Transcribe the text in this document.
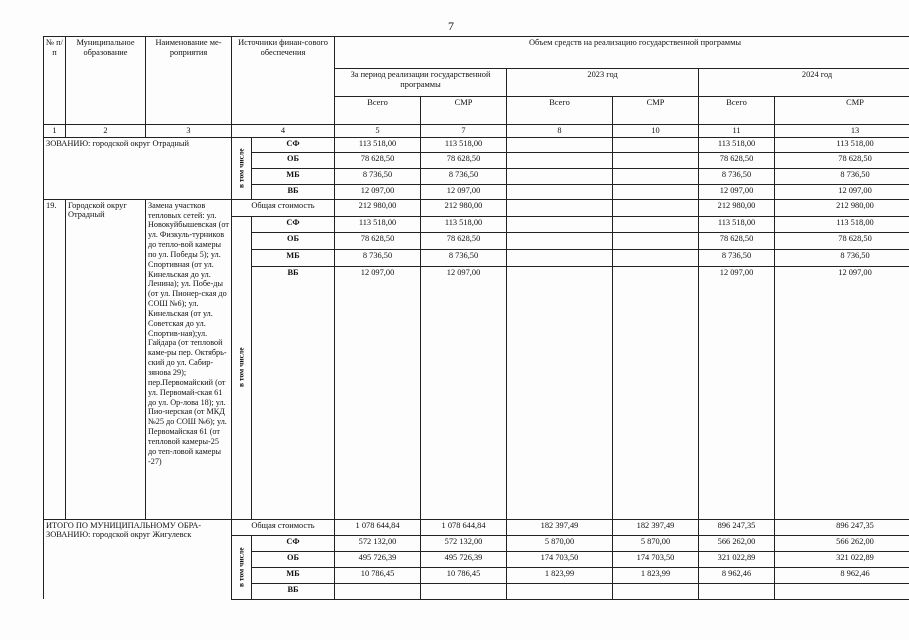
7
№ п/п	Муниципальное образование	Наименование ме-роприятия	Источники финан-сового обеспечения		Объем средств на реализацию государственной программы					
					За период реализации государственной программы		2023 год		2024 год	
					Всего	СМР	Всего	СМР	Всего	СМР
1	2	3	4		5	7	8	10	11	13
ЗОВАНИЮ: городской округ Отрадный			в том числе	СФ	113 518,00	113 518,00			113 518,00	113 518,00
				ОБ	78 628,50	78 628,50			78 628,50	78 628,50
				МБ	8 736,50	8 736,50			8 736,50	8 736,50
				ВБ	12 097,00	12 097,00			12 097,00	12 097,00
19.	Городской округ Отрадный	Замена участков тепловых сетей: ул. Новокуйбышевская (от ул. Физкуль-турников до тепло-вой камеры по ул. Победы 5); ул. Спортивная (от ул. Кинельская до ул. Ленина); ул. Побе-ды (от ул. Пионер-ская до СОШ №6); ул. Кинельская (от ул. Советская до ул. Спортив-ная);ул. Гайдара (от тепловой каме-ры пер. Октябрь-ский до ул. Сабир-зянова 29); пер.Первомайский (от ул. Первомай-ская 61 до ул. Ор-лова 18); ул. Пио-нерская (от МКД №25 до СОШ №6); ул. Первомайская 61 (от тепловой камеры-25 до теп-ловой камеры -27)	Общая стоимость		212 980,00	212 980,00			212 980,00	212 980,00
			в том числе	СФ	113 518,00	113 518,00			113 518,00	113 518,00
				ОБ	78 628,50	78 628,50			78 628,50	78 628,50
				МБ	8 736,50	8 736,50			8 736,50	8 736,50
				ВБ	12 097,00	12 097,00			12 097,00	12 097,00
ИТОГО ПО МУНИЦИПАЛЬНОМУ ОБРА-ЗОВАНИЮ: городской округ Жигулевск			Общая стоимость		1 078 644,84	1 078 644,84	182 397,49	182 397,49	896 247,35	896 247,35
			в том числе	СФ	572 132,00	572 132,00	5 870,00	5 870,00	566 262,00	566 262,00
				ОБ	495 726,39	495 726,39	174 703,50	174 703,50	321 022,89	321 022,89
				МБ	10 786,45	10 786,45	1 823,99	1 823,99	8 962,46	8 962,46
				ВБ						
